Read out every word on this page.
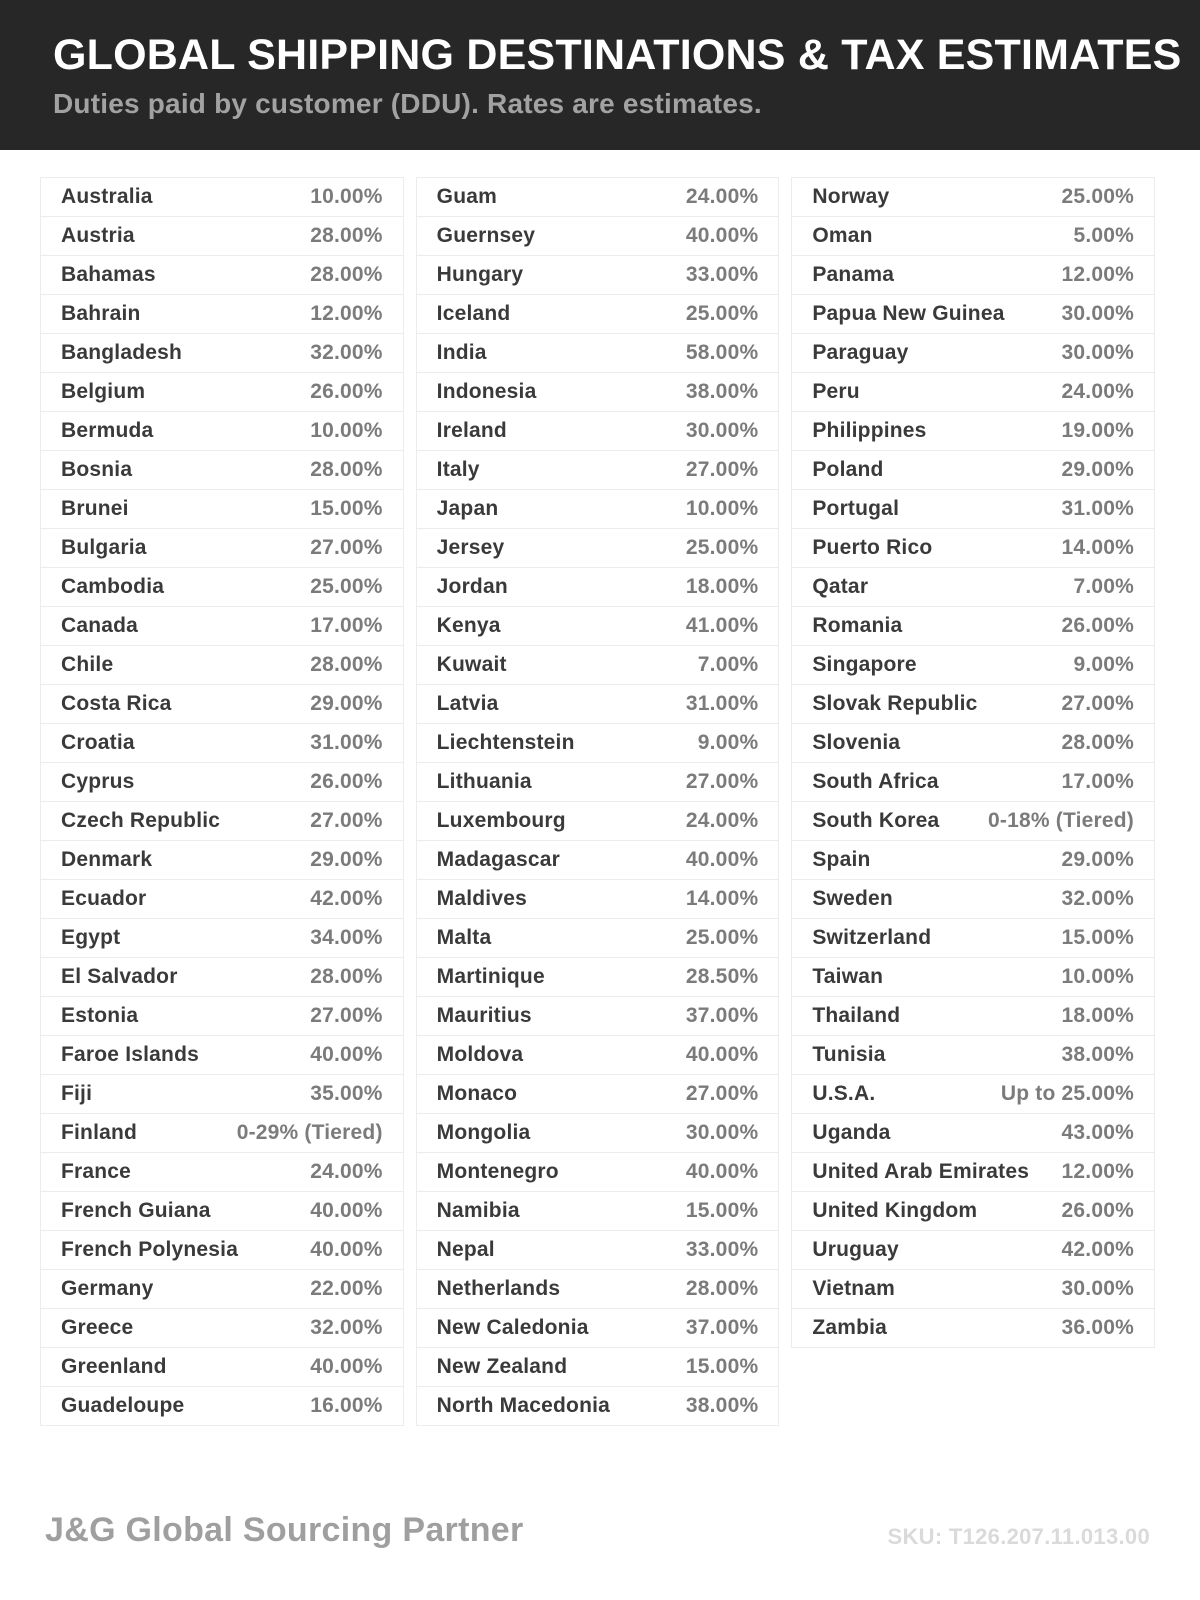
GLOBAL SHIPPING DESTINATIONS & TAX ESTIMATES

Duties paid by customer (DDU). Rates are estimates.

Australia	10.00%
Austria	28.00%
Bahamas	28.00%
Bahrain	12.00%
Bangladesh	32.00%
Belgium	26.00%
Bermuda	10.00%
Bosnia	28.00%
Brunei	15.00%
Bulgaria	27.00%
Cambodia	25.00%
Canada	17.00%
Chile	28.00%
Costa Rica	29.00%
Croatia	31.00%
Cyprus	26.00%
Czech Republic	27.00%
Denmark	29.00%
Ecuador	42.00%
Egypt	34.00%
El Salvador	28.00%
Estonia	27.00%
Faroe Islands	40.00%
Fiji	35.00%
Finland	0-29% (Tiered)
France	24.00%
French Guiana	40.00%
French Polynesia	40.00%
Germany	22.00%
Greece	32.00%
Greenland	40.00%
Guadeloupe	16.00%
Guam	24.00%
Guernsey	40.00%
Hungary	33.00%
Iceland	25.00%
India	58.00%
Indonesia	38.00%
Ireland	30.00%
Italy	27.00%
Japan	10.00%
Jersey	25.00%
Jordan	18.00%
Kenya	41.00%
Kuwait	7.00%
Latvia	31.00%
Liechtenstein	9.00%
Lithuania	27.00%
Luxembourg	24.00%
Madagascar	40.00%
Maldives	14.00%
Malta	25.00%
Martinique	28.50%
Mauritius	37.00%
Moldova	40.00%
Monaco	27.00%
Mongolia	30.00%
Montenegro	40.00%
Namibia	15.00%
Nepal	33.00%
Netherlands	28.00%
New Caledonia	37.00%
New Zealand	15.00%
North Macedonia	38.00%
Norway	25.00%
Oman	5.00%
Panama	12.00%
Papua New Guinea	30.00%
Paraguay	30.00%
Peru	24.00%
Philippines	19.00%
Poland	29.00%
Portugal	31.00%
Puerto Rico	14.00%
Qatar	7.00%
Romania	26.00%
Singapore	9.00%
Slovak Republic	27.00%
Slovenia	28.00%
South Africa	17.00%
South Korea 0-18% (Tiered)
Spain	29.00%
Sweden	32.00%
Switzerland	15.00%
Taiwan	10.00%
Thailand	18.00%
Tunisia	38.00%
U.S.A.	Up to 25.00%
Uganda	43.00%
United Arab Emirates 12.00%
United Kingdom	26.00%
Uruguay	42.00%
Vietnam	30.00%
Zambia	36.00%
J&G Global Sourcing Partner	SKU: T126.207.11.013.00
